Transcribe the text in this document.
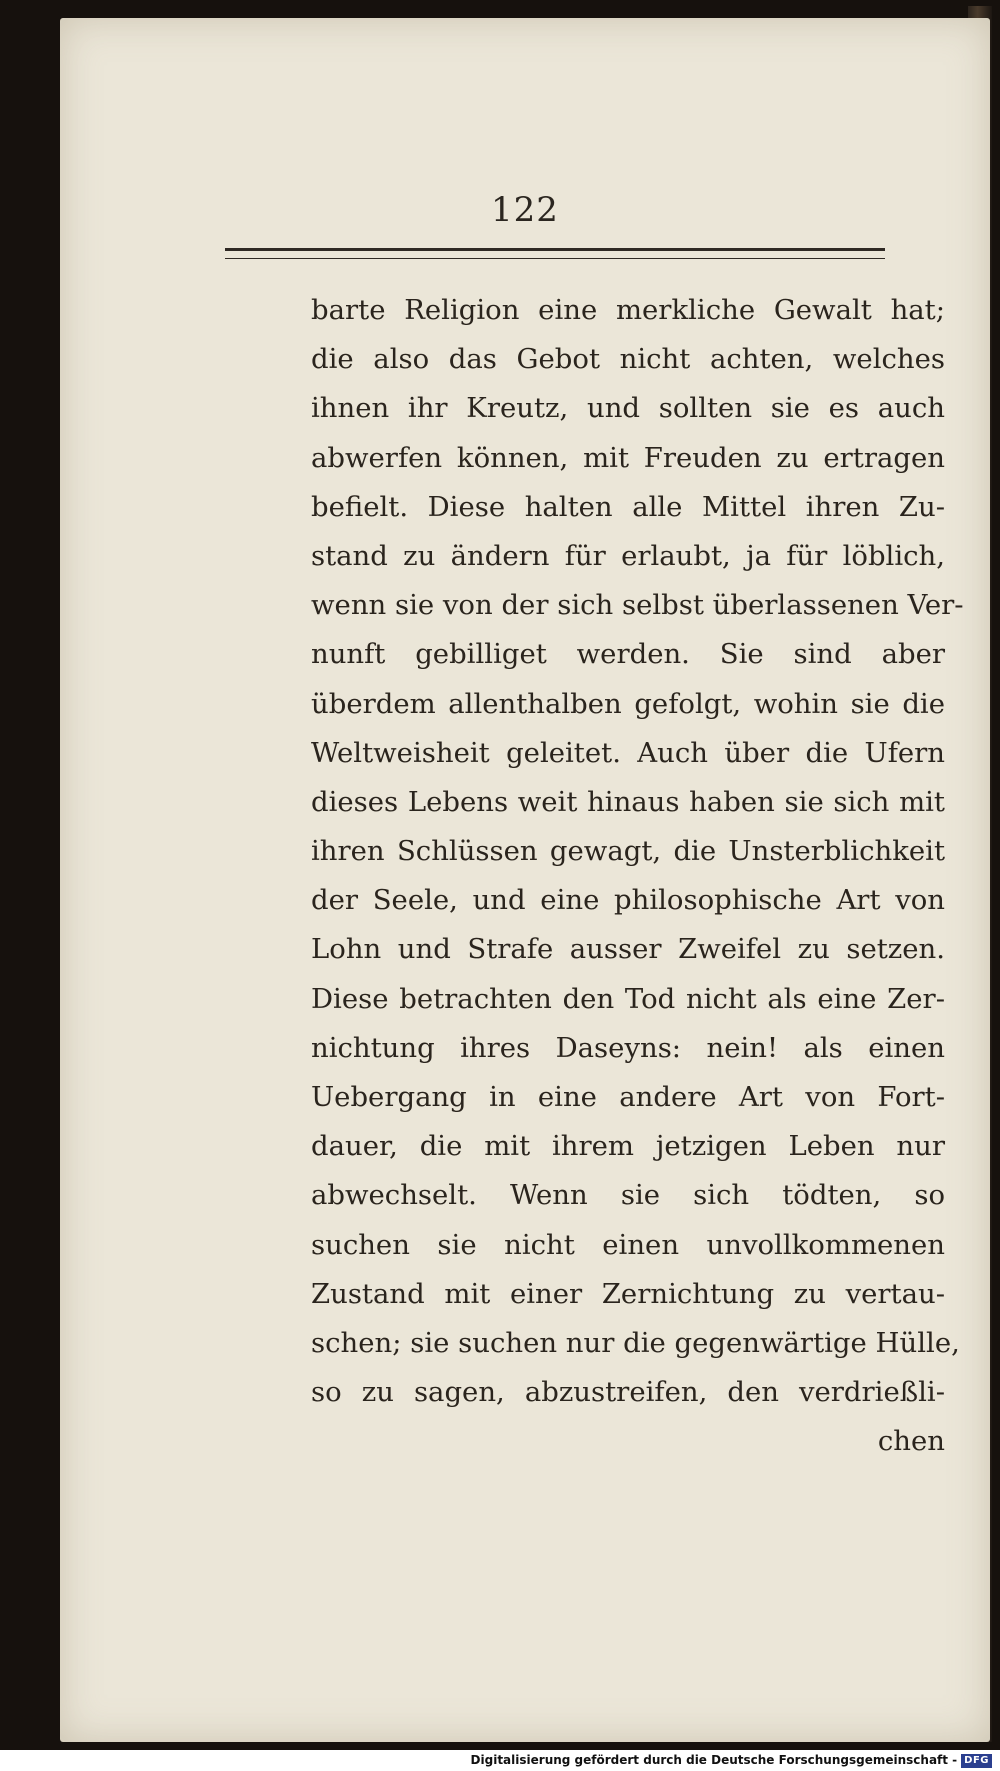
122
barte Religion eine merkliche Gewalt hat;
die also das Gebot nicht achten, welches
ihnen ihr Kreutz, und sollten sie es auch
abwerfen können, mit Freuden zu ertragen
befielt. Diese halten alle Mittel ihren Zu-
stand zu ändern für erlaubt, ja für löblich,
wenn sie von der sich selbst überlassenen Ver-
nunft gebilliget werden. Sie sind aber
überdem allenthalben gefolgt, wohin sie die
Weltweisheit geleitet. Auch über die Ufern
dieses Lebens weit hinaus haben sie sich mit
ihren Schlüssen gewagt, die Unsterblichkeit
der Seele, und eine philosophische Art von
Lohn und Strafe ausser Zweifel zu setzen.
Diese betrachten den Tod nicht als eine Zer-
nichtung ihres Daseyns: nein! als einen
Uebergang in eine andere Art von Fort-
dauer, die mit ihrem jetzigen Leben nur
abwechselt. Wenn sie sich tödten, so
suchen sie nicht einen unvollkommenen
Zustand mit einer Zernichtung zu vertau-
schen; sie suchen nur die gegenwärtige Hülle,
so zu sagen, abzustreifen, den verdrießli-
chen
Digitalisierung gefördert durch die Deutsche Forschungsgemeinschaft - DFG
